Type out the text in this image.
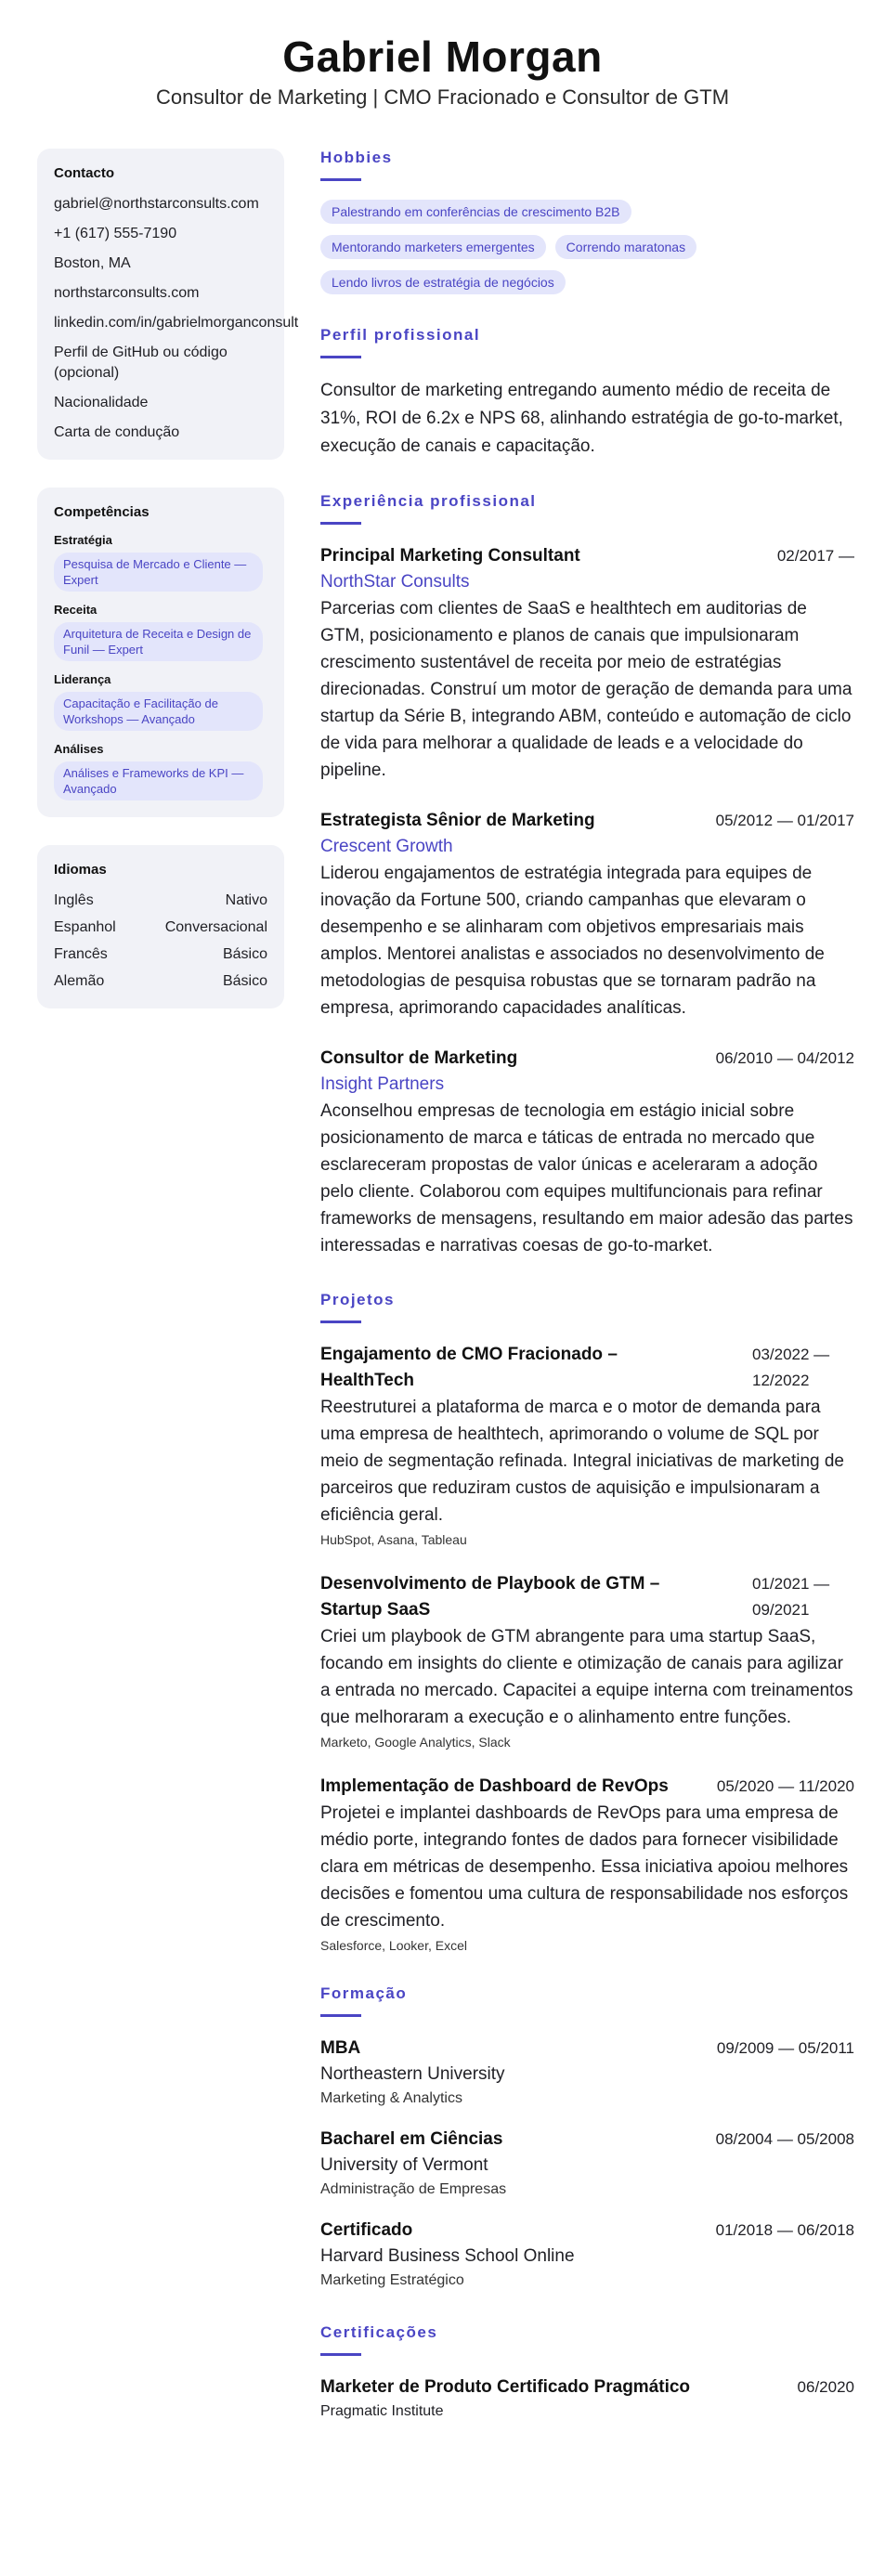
Gabriel Morgan
Consultor de Marketing | CMO Fracionado e Consultor de GTM
Contacto
gabriel@northstarconsults.com
+1 (617) 555-7190
Boston, MA
northstarconsults.com
linkedin.com/in/gabrielmorganconsult
Perfil de GitHub ou código (opcional)
Nacionalidade
Carta de condução
Competências
Estratégia
Pesquisa de Mercado e Cliente — Expert
Receita
Arquitetura de Receita e Design de Funil — Expert
Liderança
Capacitação e Facilitação de Workshops — Avançado
Análises
Análises e Frameworks de KPI — Avançado
Idiomas
Inglês	Nativo
Espanhol	Conversacional
Francês	Básico
Alemão	Básico
Hobbies
Palestrando em conferências de crescimento B2B
Mentorando marketers emergentes	Correndo maratonas
Lendo livros de estratégia de negócios
Perfil profissional
Consultor de marketing entregando aumento médio de receita de 31%, ROI de 6.2x e NPS 68, alinhando estratégia de go-to-market, execução de canais e capacitação.
Experiência profissional
Principal Marketing Consultant	02/2017 —
NorthStar Consults
Parcerias com clientes de SaaS e healthtech em auditorias de GTM, posicionamento e planos de canais que impulsionaram crescimento sustentável de receita por meio de estratégias direcionadas. Construí um motor de geração de demanda para uma startup da Série B, integrando ABM, conteúdo e automação de ciclo de vida para melhorar a qualidade de leads e a velocidade do pipeline.
Estrategista Sênior de Marketing	05/2012 — 01/2017
Crescent Growth
Liderou engajamentos de estratégia integrada para equipes de inovação da Fortune 500, criando campanhas que elevaram o desempenho e se alinharam com objetivos empresariais mais amplos. Mentorei analistas e associados no desenvolvimento de metodologias de pesquisa robustas que se tornaram padrão na empresa, aprimorando capacidades analíticas.
Consultor de Marketing	06/2010 — 04/2012
Insight Partners
Aconselhou empresas de tecnologia em estágio inicial sobre posicionamento de marca e táticas de entrada no mercado que esclareceram propostas de valor únicas e aceleraram a adoção pelo cliente. Colaborou com equipes multifuncionais para refinar frameworks de mensagens, resultando em maior adesão das partes interessadas e narrativas coesas de go-to-market.
Projetos
Engajamento de CMO Fracionado – HealthTech
03/2022 — 12/2022
Reestruturei a plataforma de marca e o motor de demanda para uma empresa de healthtech, aprimorando o volume de SQL por meio de segmentação refinada. Integral iniciativas de marketing de parceiros que reduziram custos de aquisição e impulsionaram a eficiência geral.
HubSpot, Asana, Tableau
Desenvolvimento de Playbook de GTM – Startup SaaS
01/2021 — 09/2021
Criei um playbook de GTM abrangente para uma startup SaaS, focando em insights do cliente e otimização de canais para agilizar a entrada no mercado. Capacitei a equipe interna com treinamentos que melhoraram a execução e o alinhamento entre funções.
Marketo, Google Analytics, Slack
Implementação de Dashboard de RevOps	05/2020 — 11/2020
Projetei e implantei dashboards de RevOps para uma empresa de médio porte, integrando fontes de dados para fornecer visibilidade clara em métricas de desempenho. Essa iniciativa apoiou melhores decisões e fomentou uma cultura de responsabilidade nos esforços de crescimento.
Salesforce, Looker, Excel
Formação
MBA	09/2009 — 05/2011
Northeastern University
Marketing & Analytics
Bacharel em Ciências	08/2004 — 05/2008
University of Vermont
Administração de Empresas
Certificado	01/2018 — 06/2018
Harvard Business School Online
Marketing Estratégico
Certificações
Marketer de Produto Certificado Pragmático	06/2020
Pragmatic Institute
